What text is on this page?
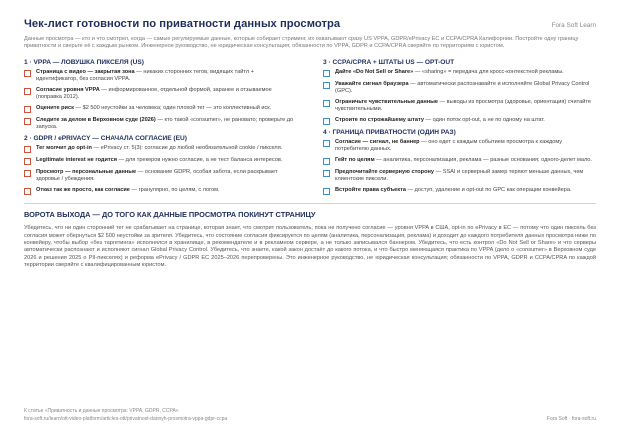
Чек-лист готовности по приватности данных просмотра	Fora Soft Learn
Данные просмотра — кто и что смотрел, когда — самые регулируемые данные, которые собирает стриминг, их охватывают сразу US VPPA, GDPR/ePrivacy ЕС и CCPA/CPRA Калифорнии. Постройте одну границу приватности и сверьте её с каждым рынком. Инженерное руководство, не юридическая консультация; обязанности по VPPA, GDPR и CCPA/CPRA сверяйте по территориям с юристом.
1 · VPPA — ЛОВУШКА ПИКСЕЛЯ (US)
Страница с видео — закрытая зона — никаких сторонних тегов, видящих тайтл + идентификатор, без согласия VPPA.
Согласие уровня VPPA — информированное, отдельной формой, заранее и отзываемое (поправка 2012).
Оцените риск — $2 500 неустойки за человека; один плохой тег — это коллективный иск.
Следите за делом в Верховном суде (2026) — кто такой «consumer», не рановато; проверьте до запуска.
2 · GDPR / ePRIVACY — СНАЧАЛА СОГЛАСИЕ (EU)
Тег молчит до opt-in — ePrivacy ст. 5(3): согласие до любой необязательной cookie / пикселя.
Legitimate interest не годится — для трекеров нужно согласие, а не тест баланса интересов.
Просмотр — персональные данные — основание GDPR, особая забота, если раскрывает здоровье / убеждения.
Отказ так же просто, как согласие — гранулярно, по целям, с логом.
3 · CCPA/CPRA + ШТАТЫ US — OPT-OUT
Дайте «Do Not Sell or Share» — «sharing» = передача для кросс-контекстной рекламы.
Уважайте сигнал браузера — автоматически распознавайте и исполняйте Global Privacy Control (GPC).
Ограничьте чувствительные данные — выводы из просмотра (здоровье, ориентация) считайте чувствительными.
Строите по строжайшему штату — один поток opt-out, а не по одному на штат.
4 · ГРАНИЦА ПРИВАТНОСТИ (ОДИН РАЗ)
Согласие — сигнал, не баннер — оно едет с каждым событием просмотра к каждому потребителю данных.
Гейт по целям — аналитика, персонализация, реклама — разные основания; одного-делет мало.
Предпочитайте серверную сторону — SSAI и серверный замер теряют меньше данных, чем клиентские пиксели.
Встройте права субъекта — доступ, удаление и opt-out по GPC как операции конвейера.
ВОРОТА ВЫХОДА — ДО ТОГО КАК ДАННЫЕ ПРОСМОТРА ПОКИНУТ СТРАНИЦУ
Убедитесь, что ни один сторонний тег не срабатывает на странице, которая знает, что смотрит пользователь, пока не получено согласие — уровня VPPA в США, opt-in по ePrivacy в ЕС — потому что один пиксель без согласия может обернуться $2 500 неустойки за зрителя. Убедитесь, что состояние согласия фиксируется по целям (аналитика, персонализация, реклама) и доходит до каждого потребителя данных просмотра ниже по конвейеру, чтобы выбор «без таргетинга» исполнялся в хранилище, в рекомендателе и в рекламном сервере, а не только записывался баннером. Убедитесь, что есть контрол «Do Not Sell or Share» и что серверы автоматически распознают и исполняют сигнал Global Privacy Control. Убедитесь, что знаете, какой закон достаёт до какого потока, и что быстро меняющаяся практика по VPPA (дело о «consumer» в Верховном суде 2026 и решения 2025 о PII-пикселях) и реформа ePrivacy / GDPR ЕС 2025–2026 перепроверены. Это инженерное руководство, не юридическая консультация; обязанности по VPPA, GDPR и CCPA/CPRA по каждой территории сверяйте с квалифицированным юристом.
К статье «Приватность и данные просмотра: VPPA, GDPR, CCPA»
fora-soft.ru/learn/ott-video-platform/articles-ott/privatnost-dannyh-prosmotra-vppa-gdpr-ccpa	Fora Soft · fora-soft.ru
